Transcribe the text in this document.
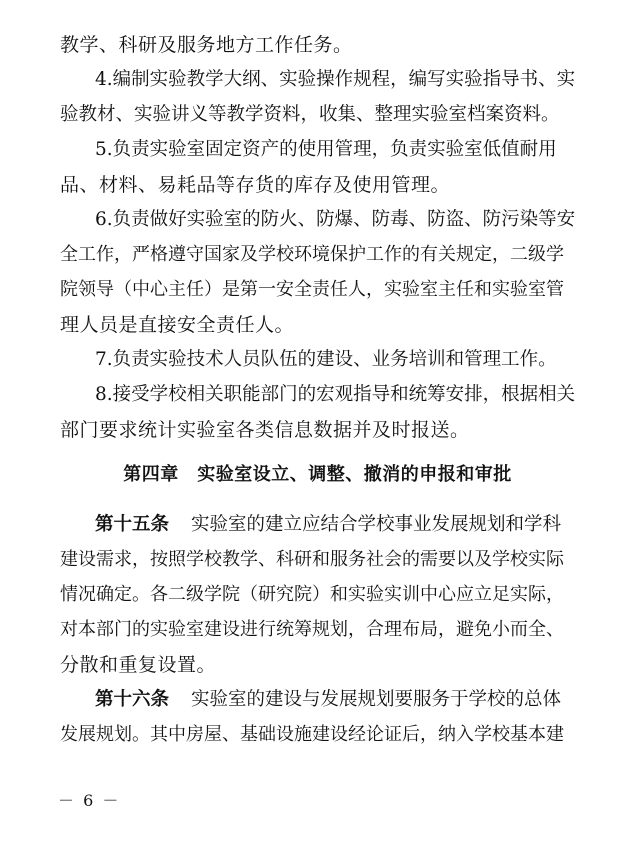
教学、科研及服务地方工作任务。
4.编制实验教学大纲、实验操作规程，编写实验指导书、实
验教材、实验讲义等教学资料，收集、整理实验室档案资料。
5.负责实验室固定资产的使用管理，负责实验室低值耐用
品、材料、易耗品等存货的库存及使用管理。
6.负责做好实验室的防火、防爆、防毒、防盗、防污染等安
全工作，严格遵守国家及学校环境保护工作的有关规定，二级学
院领导（中心主任）是第一安全责任人，实验室主任和实验室管
理人员是直接安全责任人。
7.负责实验技术人员队伍的建设、业务培训和管理工作。
8.接受学校相关职能部门的宏观指导和统筹安排，根据相关
部门要求统计实验室各类信息数据并及时报送。
第四章　实验室设立、调整、撤消的申报和审批
第十五条 实验室的建立应结合学校事业发展规划和学科
建设需求，按照学校教学、科研和服务社会的需要以及学校实际
情况确定。各二级学院（研究院）和实验实训中心应立足实际，
对本部门的实验室建设进行统筹规划，合理布局，避免小而全、
分散和重复设置。
第十六条 实验室的建设与发展规划要服务于学校的总体
发展规划。其中房屋、基础设施建设经论证后，纳入学校基本建
－ 6 －
